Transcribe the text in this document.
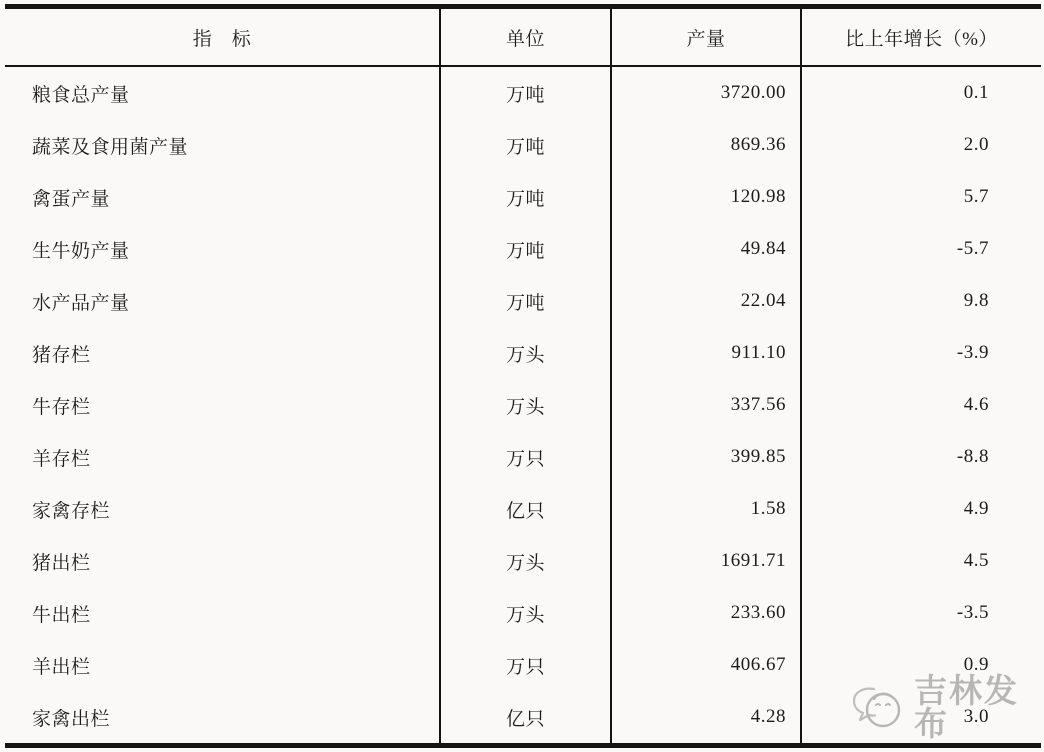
指　标	单位	产量	比上年增长（%）
粮食总产量	万吨	3720.00	0.1
蔬菜及食用菌产量	万吨	869.36	2.0
禽蛋产量	万吨	120.98	5.7
生牛奶产量	万吨	49.84	-5.7
水产品产量	万吨	22.04	9.8
猪存栏	万头	911.10	-3.9
牛存栏	万头	337.56	4.6
羊存栏	万只	399.85	-8.8
家禽存栏	亿只	1.58	4.9
猪出栏	万头	1691.71	4.5
牛出栏	万头	233.60	-3.5
羊出栏	万只	406.67	0.9
家禽出栏	亿只	4.28	3.0
吉林发布
